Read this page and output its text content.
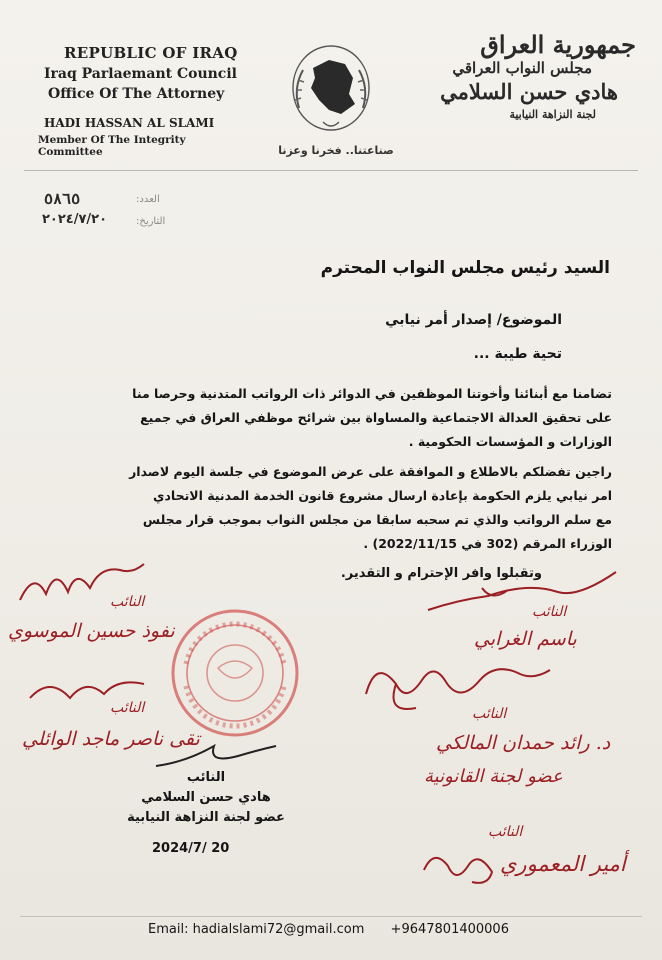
REPUBLIC OF IRAQ
Iraq Parlaemant Council
Office Of The Attorney
HADI HASSAN AL SLAMI
Member Of The Integrity Committee	صناعتنا.. فخرنا وعزنا
جمهورية العراق
مجلس النواب العراقي
هادي حسن السلامي
لجنة النزاهة النيابية
٥٨٦٥	العدد:
٢٠٢٤/٧/٢٠	التاريخ:
السيد رئيس مجلس النواب المحترم
الموضوع/ إصدار أمر نيابي
تحية طيبة ...
تضامنا مع أبنائنا وأخوتنا الموظفين في الدوائر ذات الرواتب المتدنية وحرصا منا
على تحقيق العدالة الاجتماعية والمساواة بين شرائح موظفي العراق في جميع
الوزارات و المؤسسات الحكومية .
راجين تفضلكم بالاطلاع و الموافقة على عرض الموضوع في جلسة اليوم لاصدار
امر نيابي يلزم الحكومة بإعادة ارسال مشروع قانون الخدمة المدنية الاتحادي
مع سلم الرواتب والذي تم سحبه سابقا من مجلس النواب بموجب قرار مجلس
الوزراء المرقم (302 في 2022/11/15) .
وتقبلوا وافر الإحترام و التقدير.
النائب
نفوذ حسين الموسوي
النائب
تقى ناصر ماجد الوائلي
النائب
باسم الغرابي
النائب
د. رائد حمدان المالكي
عضو لجنة القانونية
النائب
أمير المعموري
النائب
هادي حسن السلامي
عضو لجنة النزاهة النيابية
2024/7/ 20
Email: hadialslami72@gmail.com +9647801400006
